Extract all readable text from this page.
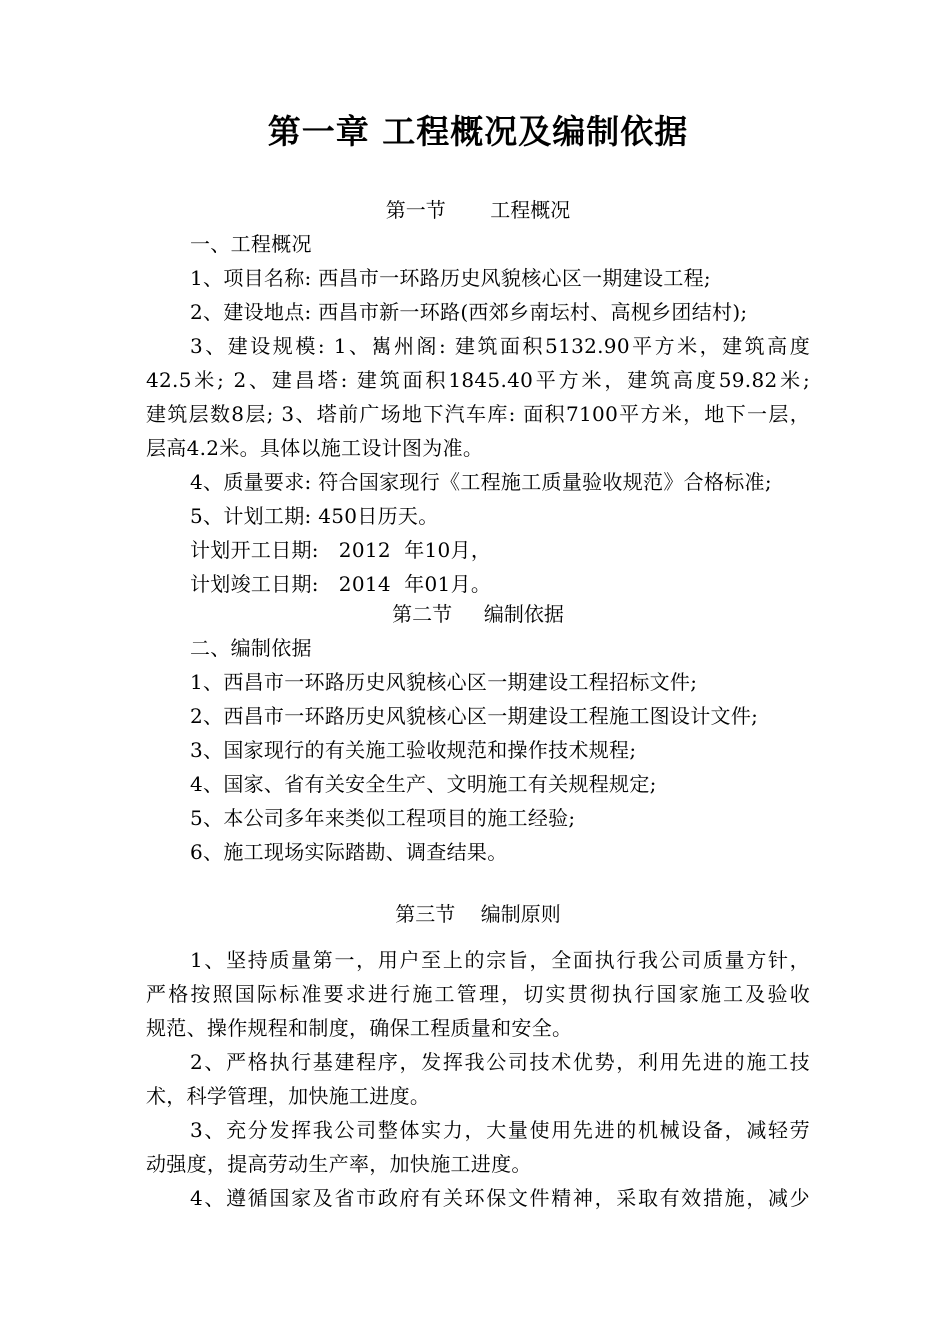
第一章 工程概况及编制依据
第一节       工程概况
一、工程概况
1、项目名称: 西昌市一环路历史风貌核心区一期建设工程;
2、建设地点: 西昌市新一环路(西郊乡南坛村、高枧乡团结村);
3、建设规模: 1、嶲州阁: 建筑面积5132.90平方米，建筑高度
42.5米; 2、建昌塔: 建筑面积1845.40平方米，建筑高度59.82米;
建筑层数8层; 3、塔前广场地下汽车库: 面积7100平方米，地下一层，
层高4.2米。具体以施工设计图为准。
4、质量要求: 符合国家现行《工程施工质量验收规范》合格标准;
5、计划工期: 450日历天。
计划开工日期:   2012  年10月，
计划竣工日期:   2014  年01月。
第二节     编制依据
二、编制依据
1、西昌市一环路历史风貌核心区一期建设工程招标文件;
2、西昌市一环路历史风貌核心区一期建设工程施工图设计文件;
3、国家现行的有关施工验收规范和操作技术规程;
4、国家、省有关安全生产、文明施工有关规程规定;
5、本公司多年来类似工程项目的施工经验;
6、施工现场实际踏勘、调查结果。
第三节    编制原则
1、坚持质量第一，用户至上的宗旨，全面执行我公司质量方针，
严格按照国际标准要求进行施工管理，切实贯彻执行国家施工及验收
规范、操作规程和制度，确保工程质量和安全。
2、严格执行基建程序，发挥我公司技术优势，利用先进的施工技
术，科学管理，加快施工进度。
3、充分发挥我公司整体实力，大量使用先进的机械设备，减轻劳
动强度，提高劳动生产率，加快施工进度。
4、遵循国家及省市政府有关环保文件精神，采取有效措施，减少
